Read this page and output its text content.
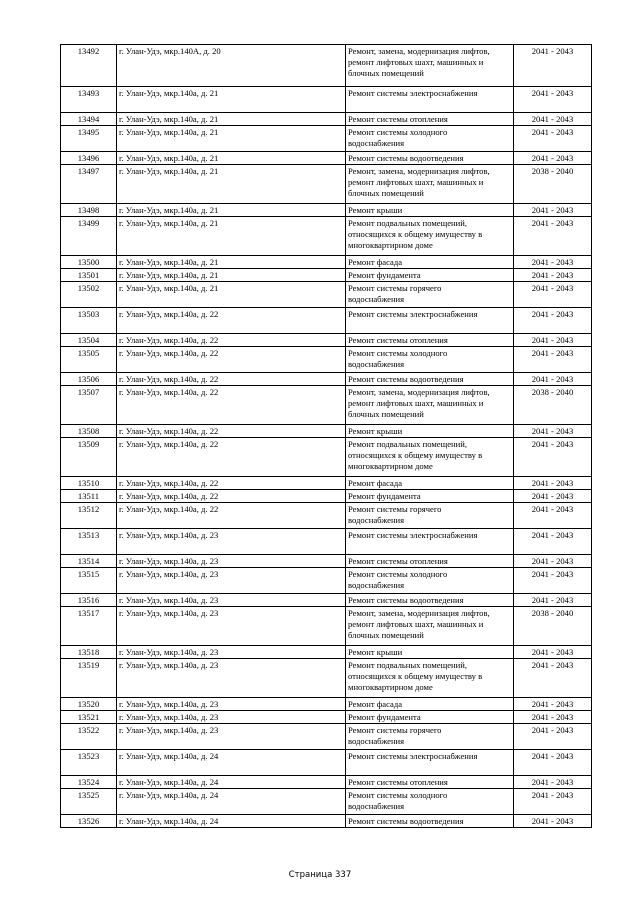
13492	г. Улан-Удэ, мкр.140А, д. 20	Ремонт, замена, модернизация лифтов,
ремонт лифтовых шахт, машинных и
блочных помещений	2041 - 2043
13493	г. Улан-Удэ, мкр.140а, д. 21	Ремонт системы электроснабжения	2041 - 2043
13494	г. Улан-Удэ, мкр.140а, д. 21	Ремонт системы отопления	2041 - 2043
13495	г. Улан-Удэ, мкр.140а, д. 21	Ремонт системы холодного
водоснабжения	2041 - 2043
13496	г. Улан-Удэ, мкр.140а, д. 21	Ремонт системы водоотведения	2041 - 2043
13497	г. Улан-Удэ, мкр.140а, д. 21	Ремонт, замена, модернизация лифтов,
ремонт лифтовых шахт, машинных и
блочных помещений	2038 - 2040
13498	г. Улан-Удэ, мкр.140а, д. 21	Ремонт крыши	2041 - 2043
13499	г. Улан-Удэ, мкр.140а, д. 21	Ремонт подвальных помещений,
относящихся к общему имуществу в
многоквартирном доме	2041 - 2043
13500	г. Улан-Удэ, мкр.140а, д. 21	Ремонт фасада	2041 - 2043
13501	г. Улан-Удэ, мкр.140а, д. 21	Ремонт фундамента	2041 - 2043
13502	г. Улан-Удэ, мкр.140а, д. 21	Ремонт системы горячего
водоснабжения	2041 - 2043
13503	г. Улан-Удэ, мкр.140а, д. 22	Ремонт системы электроснабжения	2041 - 2043
13504	г. Улан-Удэ, мкр.140а, д. 22	Ремонт системы отопления	2041 - 2043
13505	г. Улан-Удэ, мкр.140а, д. 22	Ремонт системы холодного
водоснабжения	2041 - 2043
13506	г. Улан-Удэ, мкр.140а, д. 22	Ремонт системы водоотведения	2041 - 2043
13507	г. Улан-Удэ, мкр.140а, д. 22	Ремонт, замена, модернизация лифтов,
ремонт лифтовых шахт, машинных и
блочных помещений	2038 - 2040
13508	г. Улан-Удэ, мкр.140а, д. 22	Ремонт крыши	2041 - 2043
13509	г. Улан-Удэ, мкр.140а, д. 22	Ремонт подвальных помещений,
относящихся к общему имуществу в
многоквартирном доме	2041 - 2043
13510	г. Улан-Удэ, мкр.140а, д. 22	Ремонт фасада	2041 - 2043
13511	г. Улан-Удэ, мкр.140а, д. 22	Ремонт фундамента	2041 - 2043
13512	г. Улан-Удэ, мкр.140а, д. 22	Ремонт системы горячего
водоснабжения	2041 - 2043
13513	г. Улан-Удэ, мкр.140а, д. 23	Ремонт системы электроснабжения	2041 - 2043
13514	г. Улан-Удэ, мкр.140а, д. 23	Ремонт системы отопления	2041 - 2043
13515	г. Улан-Удэ, мкр.140а, д. 23	Ремонт системы холодного
водоснабжения	2041 - 2043
13516	г. Улан-Удэ, мкр.140а, д. 23	Ремонт системы водоотведения	2041 - 2043
13517	г. Улан-Удэ, мкр.140а, д. 23	Ремонт, замена, модернизация лифтов,
ремонт лифтовых шахт, машинных и
блочных помещений	2038 - 2040
13518	г. Улан-Удэ, мкр.140а, д. 23	Ремонт крыши	2041 - 2043
13519	г. Улан-Удэ, мкр.140а, д. 23	Ремонт подвальных помещений,
относящихся к общему имуществу в
многоквартирном доме	2041 - 2043
13520	г. Улан-Удэ, мкр.140а, д. 23	Ремонт фасада	2041 - 2043
13521	г. Улан-Удэ, мкр.140а, д. 23	Ремонт фундамента	2041 - 2043
13522	г. Улан-Удэ, мкр.140а, д. 23	Ремонт системы горячего
водоснабжения	2041 - 2043
13523	г. Улан-Удэ, мкр.140а, д. 24	Ремонт системы электроснабжения	2041 - 2043
13524	г. Улан-Удэ, мкр.140а, д. 24	Ремонт системы отопления	2041 - 2043
13525	г. Улан-Удэ, мкр.140а, д. 24	Ремонт системы холодного
водоснабжения	2041 - 2043
13526	г. Улан-Удэ, мкр.140а, д. 24	Ремонт системы водоотведения	2041 - 2043
Страница 337
